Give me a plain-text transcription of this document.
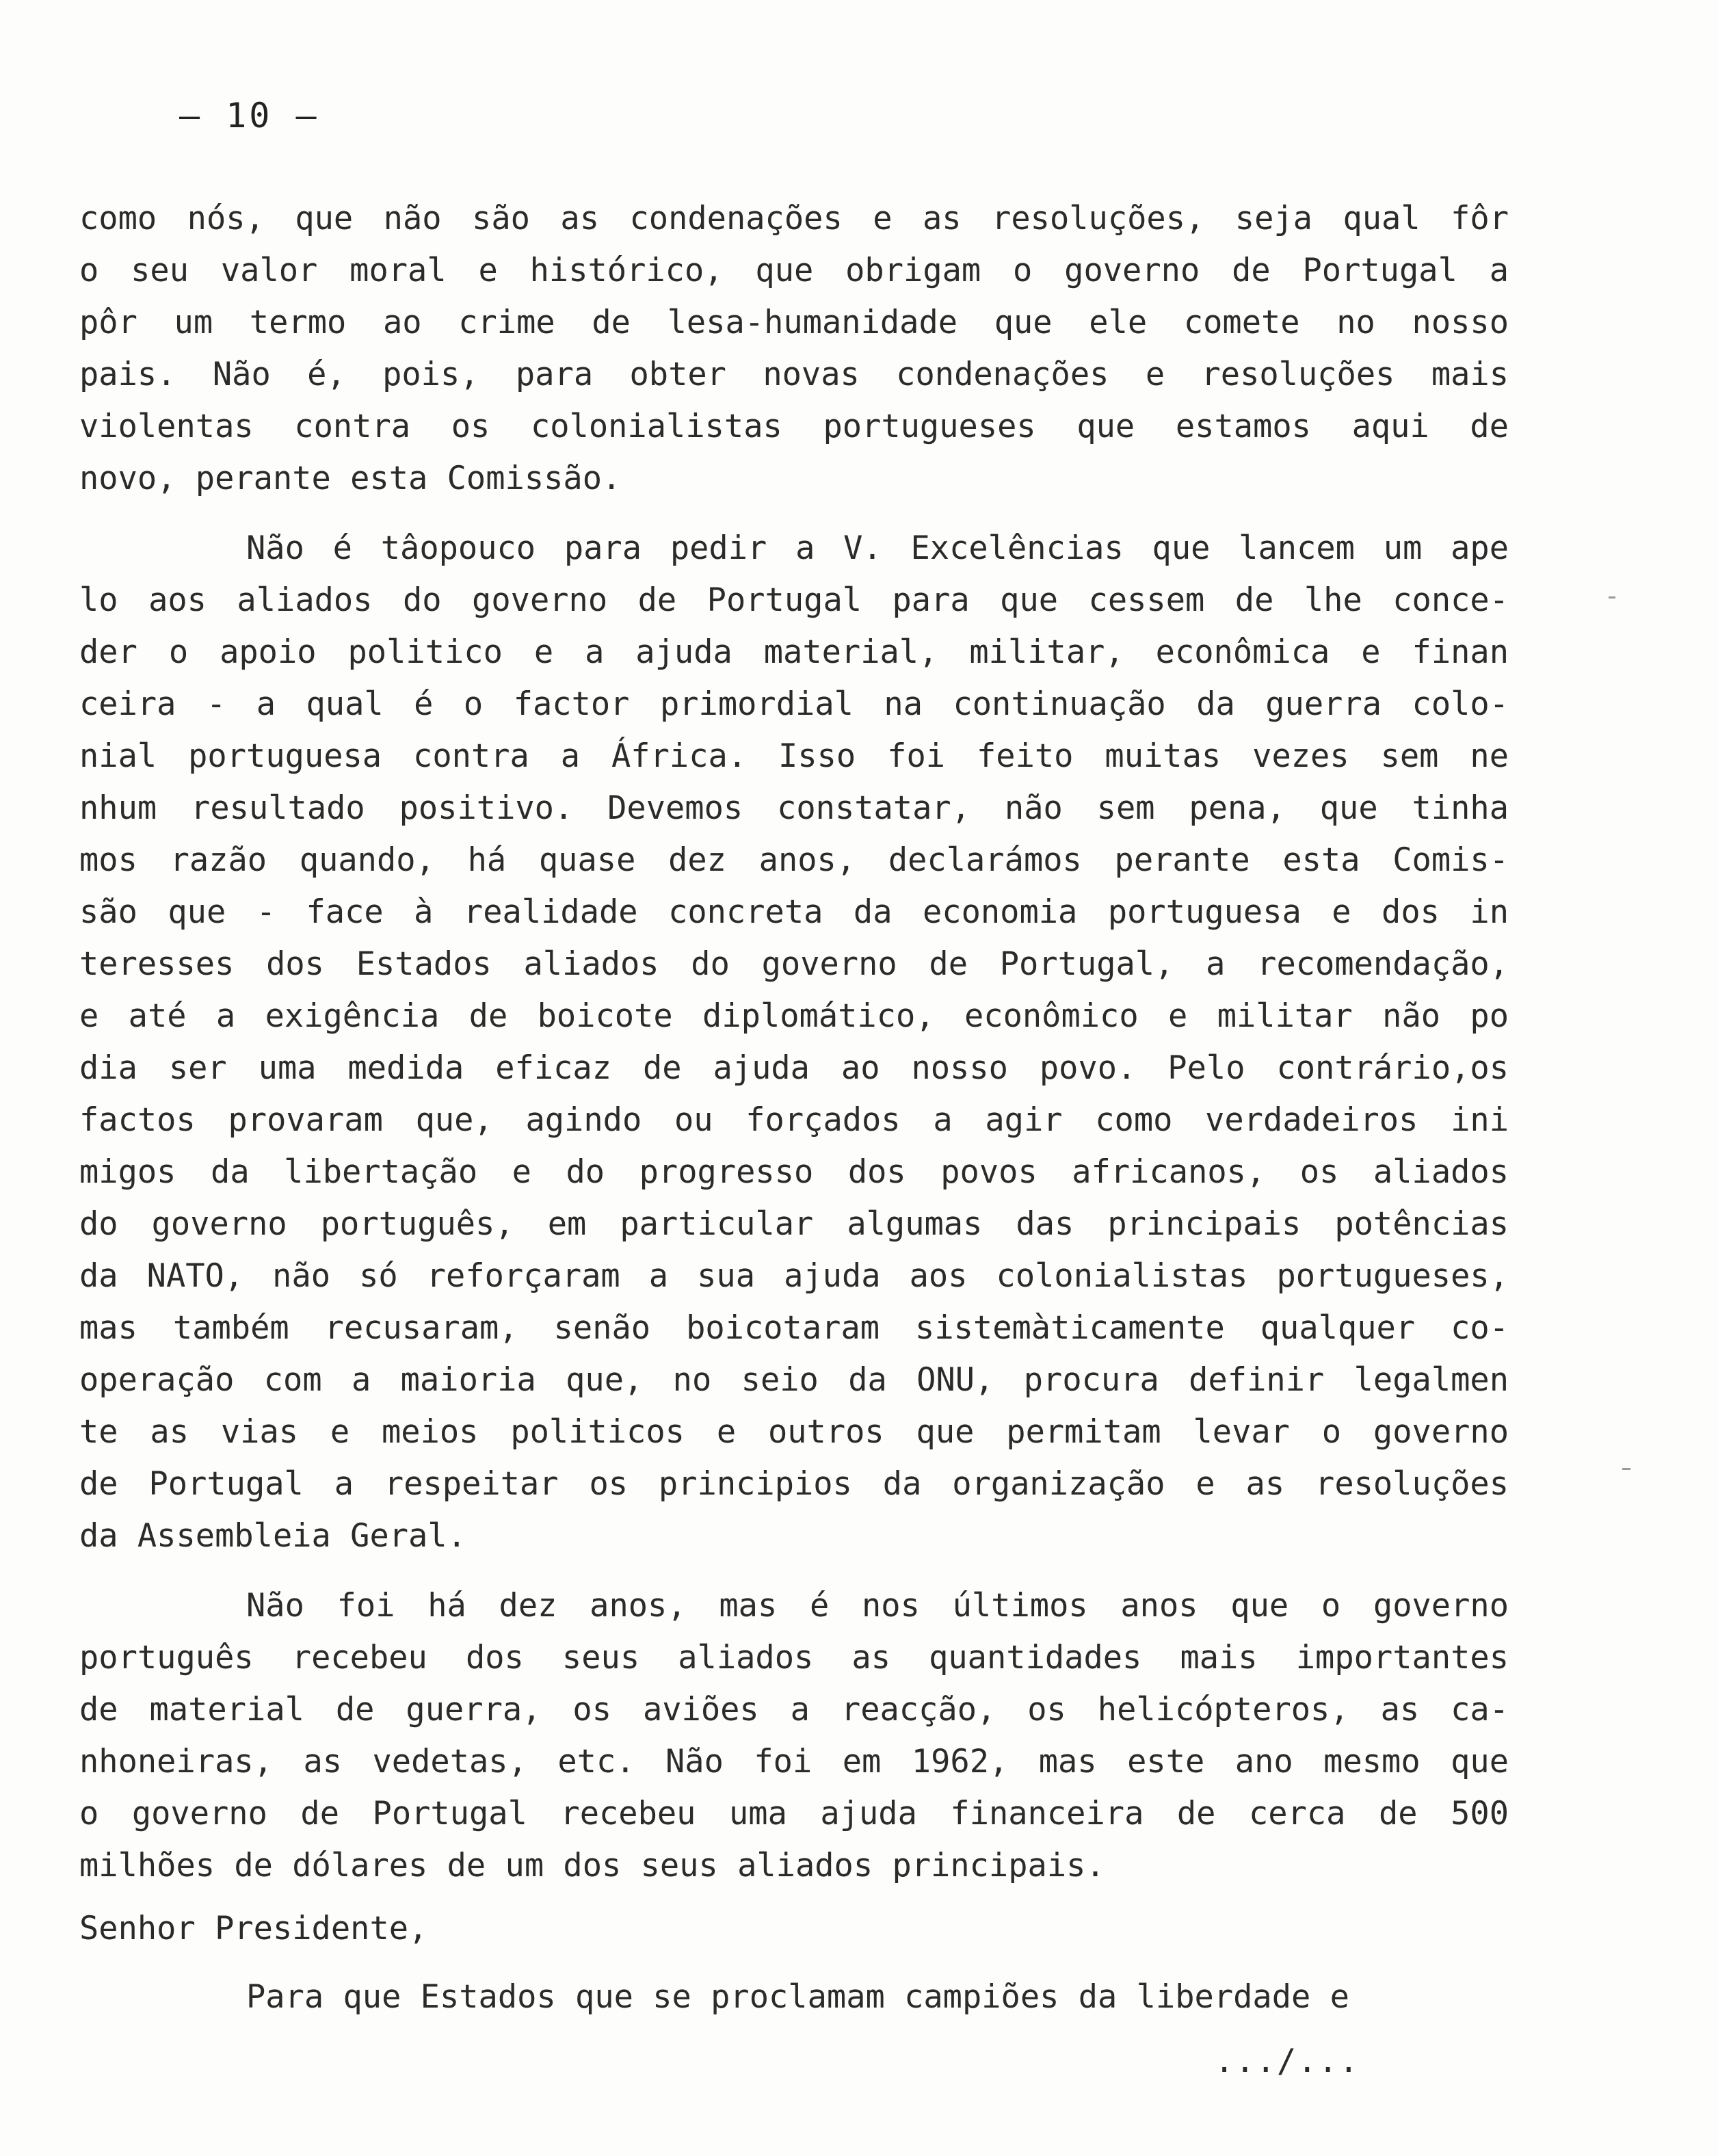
– 10 –
como nós, que não são as condenações e as resoluções, seja qual fôr
o seu valor moral e histórico, que obrigam o governo de Portugal a
pôr um termo ao crime de lesa-humanidade que ele comete no nosso
pais. Não é, pois, para obter novas condenações e resoluções mais
violentas contra os colonialistas portugueses que estamos aqui de
novo, perante esta Comissão.
Não é tâopouco para pedir a V. Excelências que lancem um ape
lo aos aliados do governo de Portugal para que cessem de lhe conce-
der o apoio politico e a ajuda material, militar, econômica e finan
ceira - a qual é o factor primordial na continuação da guerra colo-
nial portuguesa contra a África. Isso foi feito muitas vezes sem ne
nhum resultado positivo. Devemos constatar, não sem pena, que tinha
mos razão quando, há quase dez anos, declarámos perante esta Comis-
são que - face à realidade concreta da economia portuguesa e dos in
teresses dos Estados aliados do governo de Portugal, a recomendação,
e até a exigência de boicote diplomático, econômico e militar não po
dia ser uma medida eficaz de ajuda ao nosso povo. Pelo contrário,os
factos provaram que, agindo ou forçados a agir como verdadeiros ini
migos da libertação e do progresso dos povos africanos, os aliados
do governo português, em particular algumas das principais potências
da NATO, não só reforçaram a sua ajuda aos colonialistas portugueses,
mas também recusaram, senão boicotaram sistemàticamente qualquer co-
operação com a maioria que, no seio da ONU, procura definir legalmen
te as vias e meios politicos e outros que permitam levar o governo
de Portugal a respeitar os principios da organização e as resoluções
da Assembleia Geral.
Não foi há dez anos, mas é nos últimos anos que o governo
português recebeu dos seus aliados as quantidades mais importantes
de material de guerra, os aviões a reacção, os helicópteros, as ca-
nhoneiras, as vedetas, etc. Não foi em 1962, mas este ano mesmo que
o governo de Portugal recebeu uma ajuda financeira de cerca de 500
milhões de dólares de um dos seus aliados principais.
Senhor Presidente,
Para que Estados que se proclamam campiões da liberdade e
.../...
